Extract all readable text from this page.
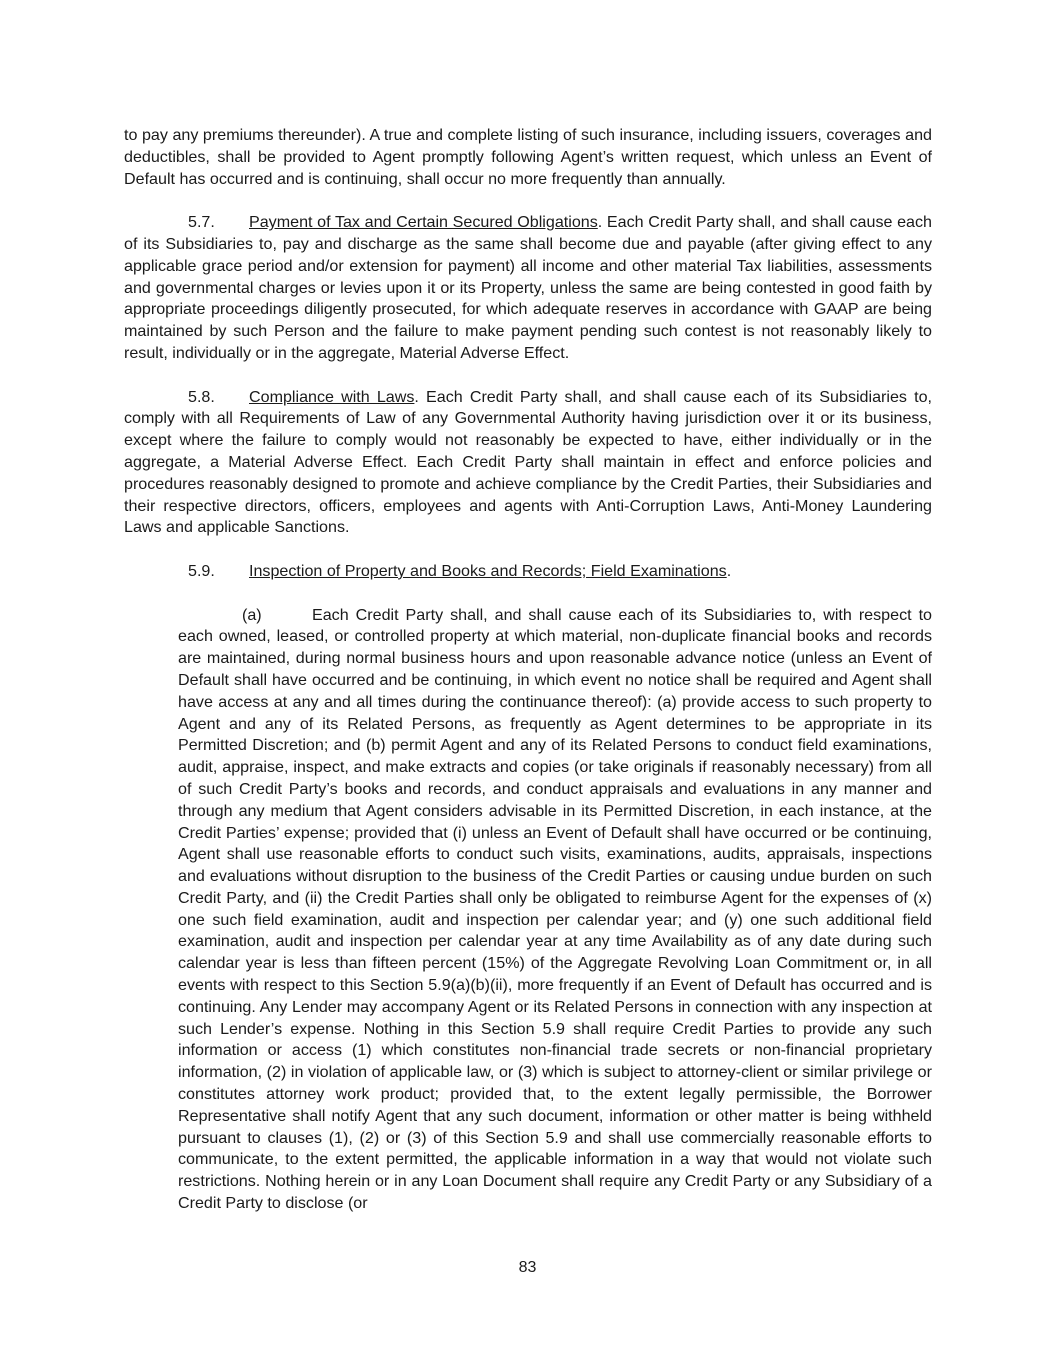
to pay any premiums thereunder). A true and complete listing of such insurance, including issuers, coverages and deductibles, shall be provided to Agent promptly following Agent’s written request, which unless an Event of Default has occurred and is continuing, shall occur no more frequently than annually.

5.7. Payment of Tax and Certain Secured Obligations. Each Credit Party shall, and shall cause each of its Subsidiaries to, pay and discharge as the same shall become due and payable (after giving effect to any applicable grace period and/or extension for payment) all income and other material Tax liabilities, assessments and governmental charges or levies upon it or its Property, unless the same are being contested in good faith by appropriate proceedings diligently prosecuted, for which adequate reserves in accordance with GAAP are being maintained by such Person and the failure to make payment pending such contest is not reasonably likely to result, individually or in the aggregate, Material Adverse Effect.

5.8. Compliance with Laws. Each Credit Party shall, and shall cause each of its Subsidiaries to, comply with all Requirements of Law of any Governmental Authority having jurisdiction over it or its business, except where the failure to comply would not reasonably be expected to have, either individually or in the aggregate, a Material Adverse Effect. Each Credit Party shall maintain in effect and enforce policies and procedures reasonably designed to promote and achieve compliance by the Credit Parties, their Subsidiaries and their respective directors, officers, employees and agents with Anti-Corruption Laws, Anti-Money Laundering Laws and applicable Sanctions.

5.9. Inspection of Property and Books and Records; Field Examinations.

(a)	Each Credit Party shall, and shall cause each of its Subsidiaries to, with respect to each owned, leased, or controlled property at which material, non-duplicate financial books and records are maintained, during normal business hours and upon reasonable advance notice (unless an Event of Default shall have occurred and be continuing, in which event no notice shall be required and Agent shall have access at any and all times during the continuance thereof): (a) provide access to such property to Agent and any of its Related Persons, as frequently as Agent determines to be appropriate in its Permitted Discretion; and (b) permit Agent and any of its Related Persons to conduct field examinations, audit, appraise, inspect, and make extracts and copies (or take originals if reasonably necessary) from all of such Credit Party’s books and records, and conduct appraisals and evaluations in any manner and through any medium that Agent considers advisable in its Permitted Discretion, in each instance, at the Credit Parties’ expense; provided that (i) unless an Event of Default shall have occurred or be continuing, Agent shall use reasonable efforts to conduct such visits, examinations, audits, appraisals, inspections and evaluations without disruption to the business of the Credit Parties or causing undue burden on such Credit Party, and (ii) the Credit Parties shall only be obligated to reimburse Agent for the expenses of (x) one such field examination, audit and inspection per calendar year; and (y) one such additional field examination, audit and inspection per calendar year at any time Availability as of any date during such calendar year is less than fifteen percent (15%) of the Aggregate Revolving Loan Commitment or, in all events with respect to this Section 5.9(a)(b)(ii), more frequently if an Event of Default has occurred and is continuing. Any Lender may accompany Agent or its Related Persons in connection with any inspection at such Lender’s expense. Nothing in this Section 5.9 shall require Credit Parties to provide any such information or access (1) which constitutes non-financial trade secrets or non-financial proprietary information, (2) in violation of applicable law, or (3) which is subject to attorney-client or similar privilege or constitutes attorney work product; provided that, to the extent legally permissible, the Borrower Representative shall notify Agent that any such document, information or other matter is being withheld pursuant to clauses (1), (2) or (3) of this Section 5.9 and shall use commercially reasonable efforts to communicate, to the extent permitted, the applicable information in a way that would not violate such restrictions. Nothing herein or in any Loan Document shall require any Credit Party or any Subsidiary of a Credit Party to disclose (or

83
